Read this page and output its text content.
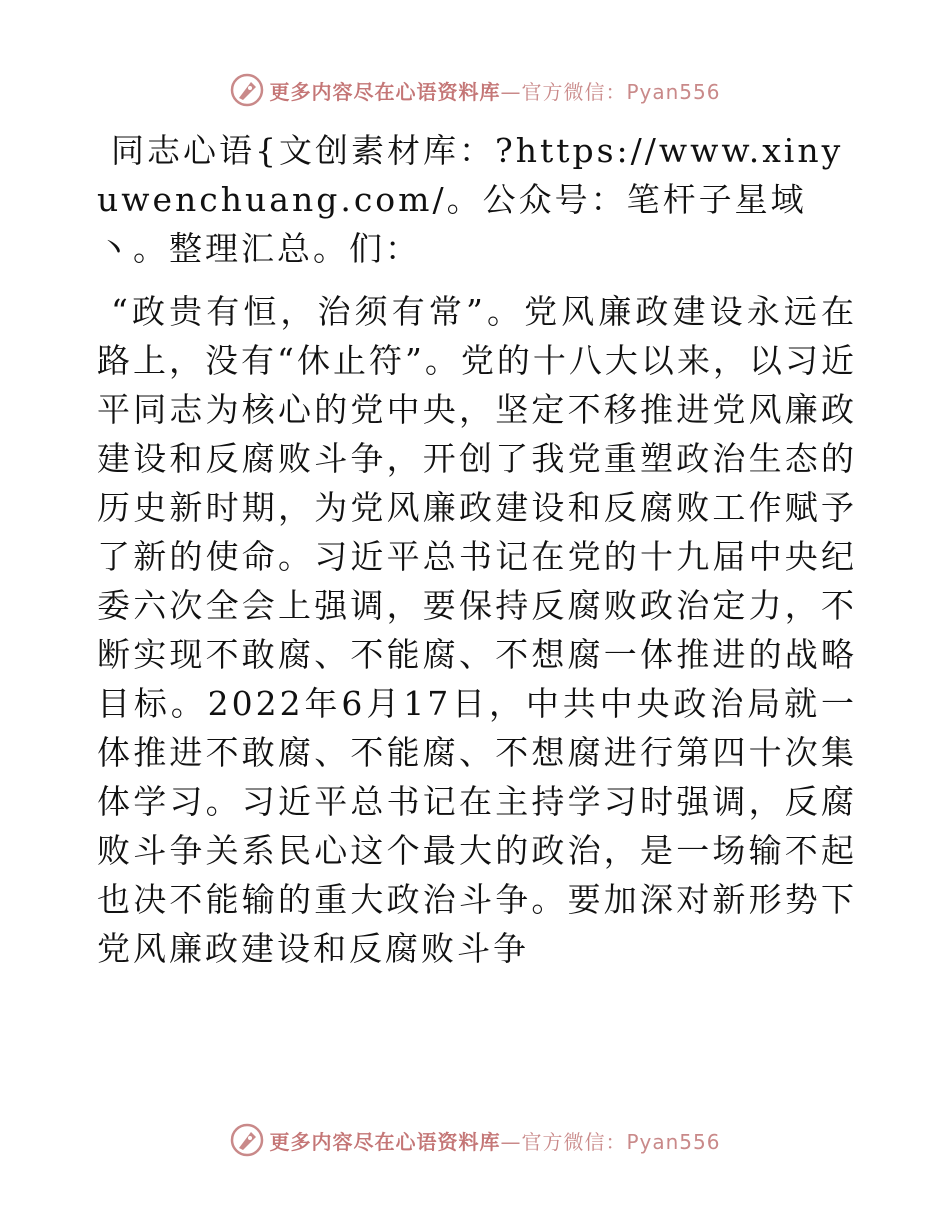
更多内容尽在心语资料库—官方微信：Pyan556

同志心语{文创素材库：?https://www.xinyuwenchuang.com/。公众号：笔杆子星域丶。整理汇总。们：

“政贵有恒，治须有常”。党风廉政建设永远在路上，没有“休止符”。党的十八大以来，以习近平同志为核心的党中央，坚定不移推进党风廉政建设和反腐败斗争，开创了我党重塑政治生态的历史新时期，为党风廉政建设和反腐败工作赋予了新的使命。习近平总书记在党的十九届中央纪委六次全会上强调，要保持反腐败政治定力，不断实现不敢腐、不能腐、不想腐一体推进的战略目标。2022年6月17日，中共中央政治局就一体推进不敢腐、不能腐、不想腐进行第四十次集体学习。习近平总书记在主持学习时强调，反腐败斗争关系民心这个最大的政治，是一场输不起也决不能输的重大政治斗争。要加深对新形势下党风廉政建设和反腐败斗争

更多内容尽在心语资料库—官方微信：Pyan556
